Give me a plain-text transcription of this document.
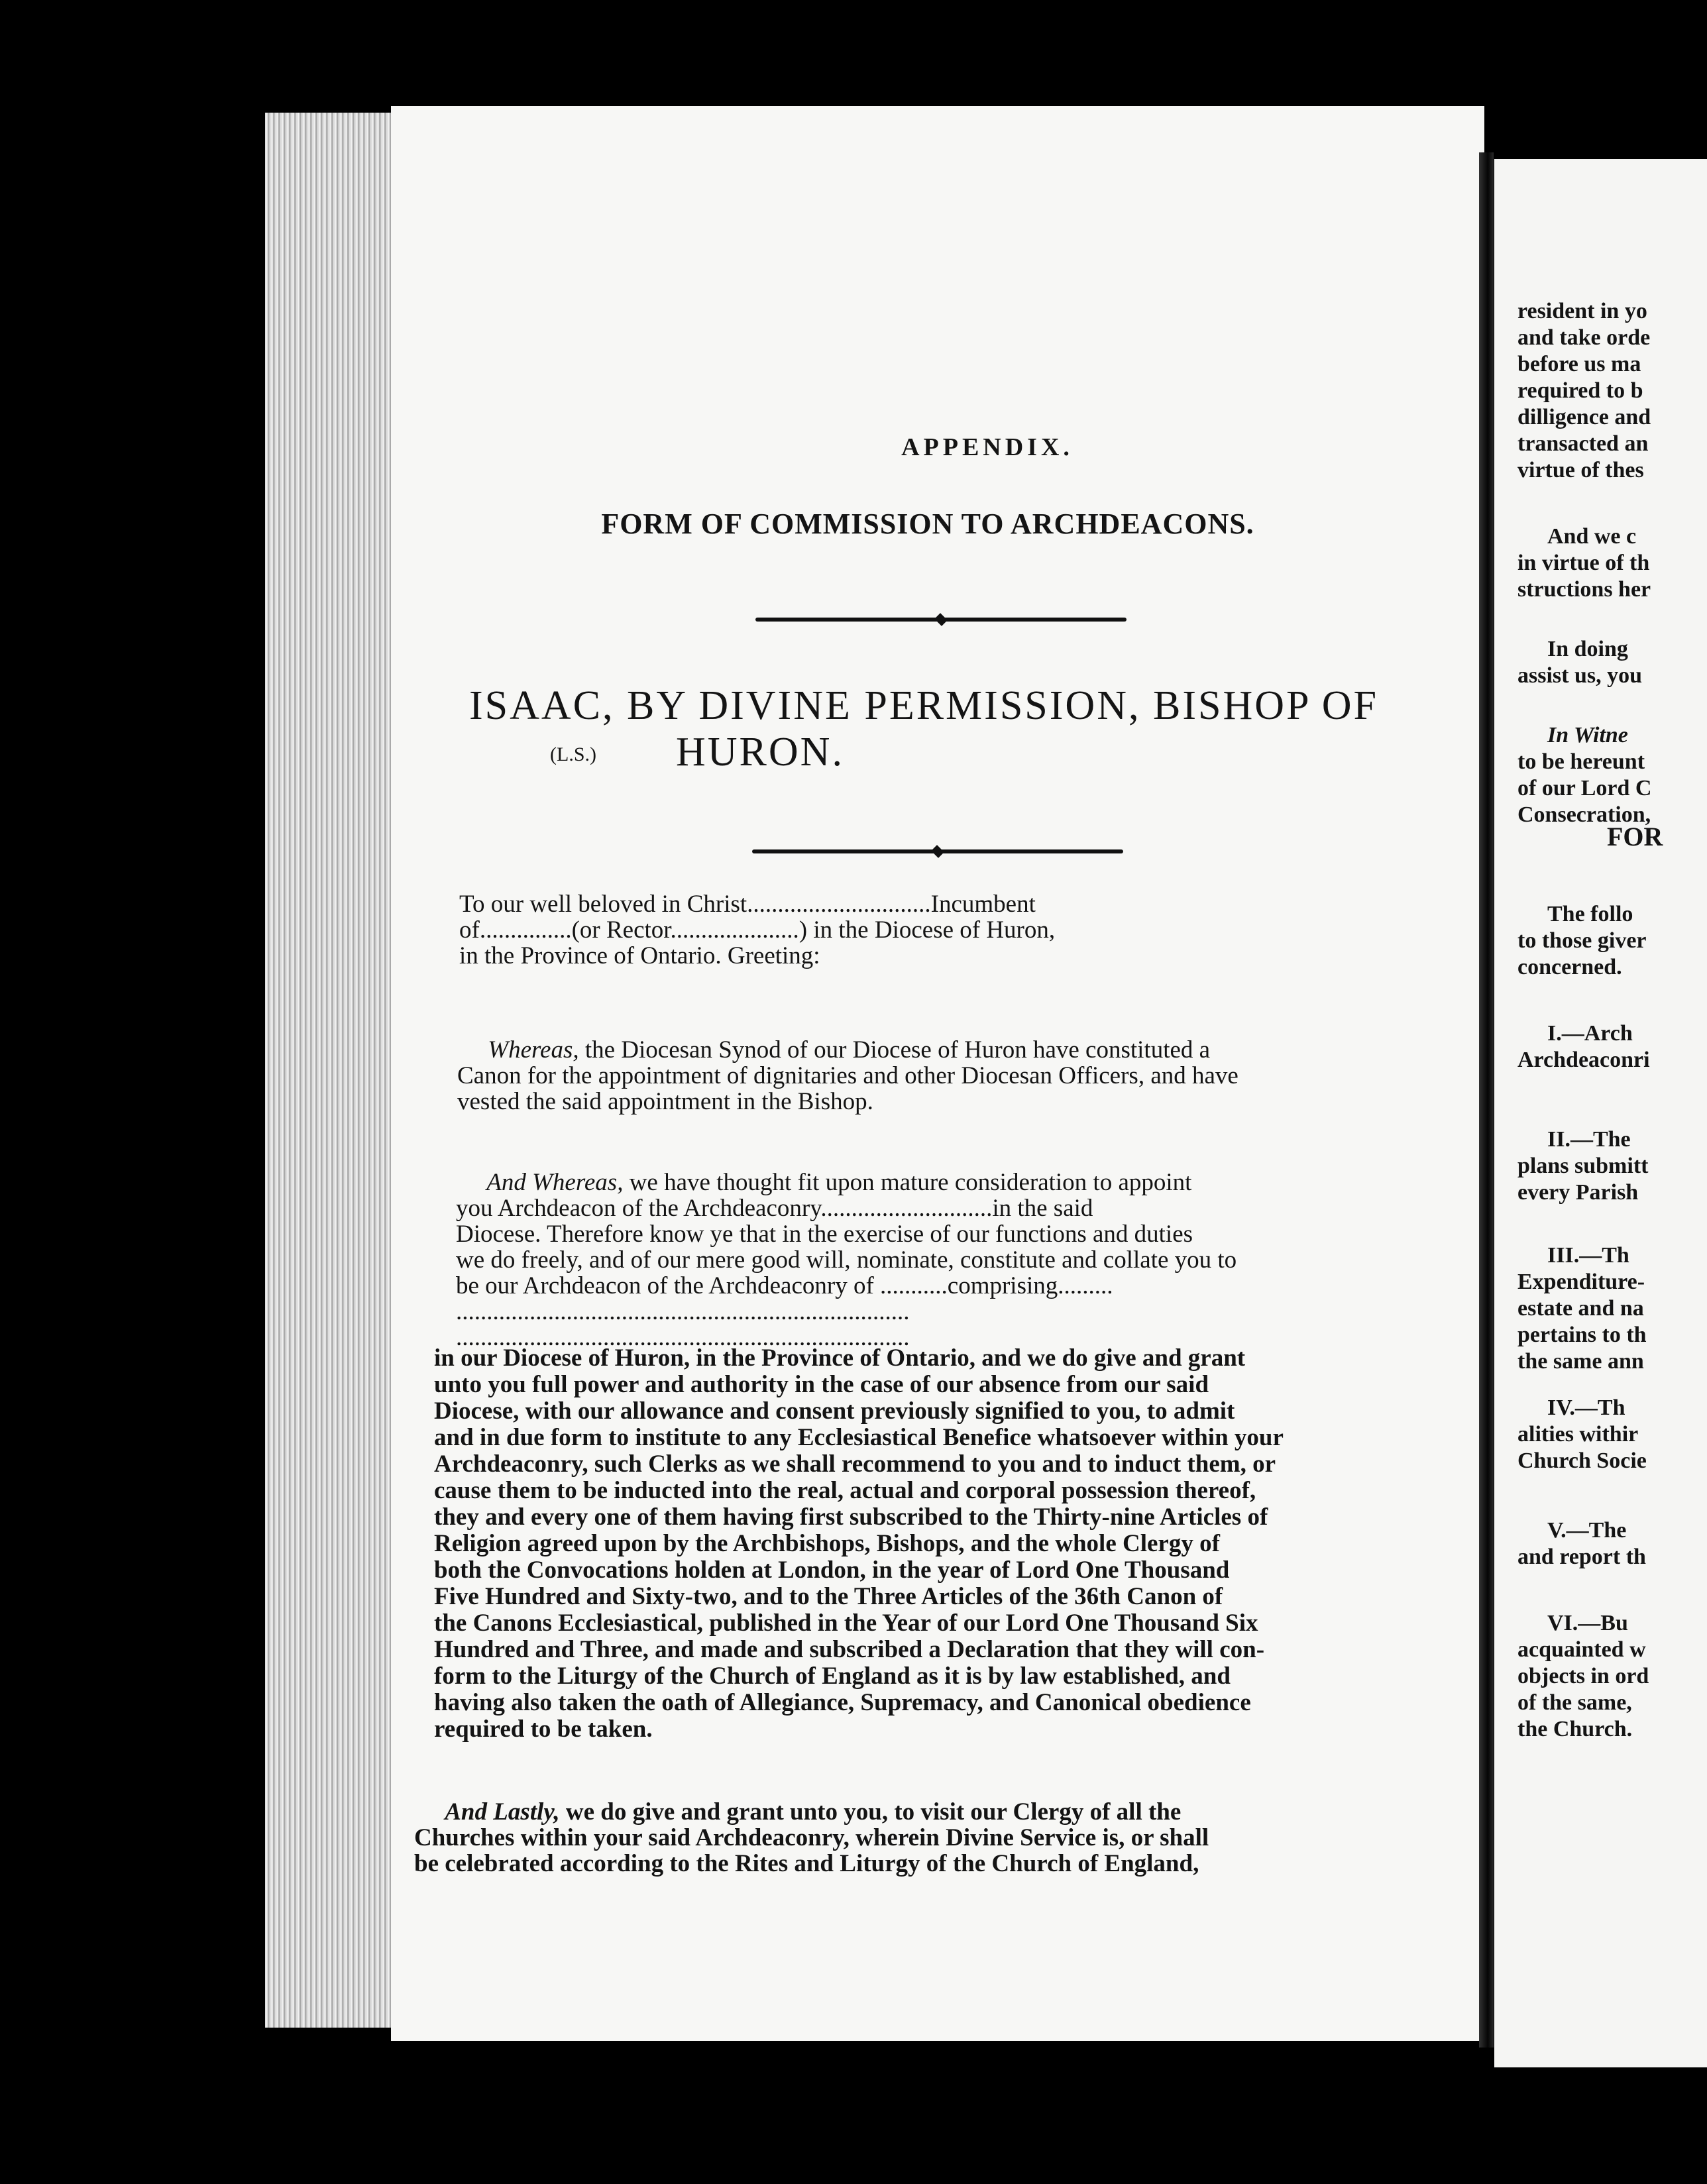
APPENDIX.
FORM OF COMMISSION TO ARCHDEACONS.
ISAAC, BY DIVINE PERMISSION, BISHOP OF
(L.S.) HURON.

To our well beloved in Christ..............................Incumbent

of...............(or Rector.....................) in the Diocese of Huron,

in the Province of Ontario. Greeting:

Whereas, the Diocesan Synod of our Diocese of Huron have constituted a

Canon for the appointment of dignitaries and other Diocesan Officers, and have

vested the said appointment in the Bishop.

And Whereas, we have thought fit upon mature consideration to appoint

you Archdeacon of the Archdeaconry............................in the said

Diocese. Therefore know ye that in the exercise of our functions and duties

we do freely, and of our mere good will, nominate, constitute and collate you to

be our Archdeacon of the Archdeaconry of ...........comprising.........

..........................................................................

..........................................................................

in our Diocese of Huron, in the Province of Ontario, and we do give and grant

unto you full power and authority in the case of our absence from our said

Diocese, with our allowance and consent previously signified to you, to admit

and in due form to institute to any Ecclesiastical Benefice whatsoever within your

Archdeaconry, such Clerks as we shall recommend to you and to induct them, or

cause them to be inducted into the real, actual and corporal possession thereof,

they and every one of them having first subscribed to the Thirty-nine Articles of

Religion agreed upon by the Archbishops, Bishops, and the whole Clergy of

both the Convocations holden at London, in the year of Lord One Thousand

Five Hundred and Sixty-two, and to the Three Articles of the 36th Canon of

the Canons Ecclesiastical, published in the Year of our Lord One Thousand Six

Hundred and Three, and made and subscribed a Declaration that they will con-

form to the Liturgy of the Church of England as it is by law established, and

having also taken the oath of Allegiance, Supremacy, and Canonical obedience

required to be taken.

And Lastly, we do give and grant unto you, to visit our Clergy of all the

Churches within your said Archdeaconry, wherein Divine Service is, or shall

be celebrated according to the Rites and Liturgy of the Church of England,

resident in yo

and take orde

before us ma

required to b

dilligence and

transacted an

virtue of thes

And we c

in virtue of th

structions her

In doing

assist us, you

In Witne

to be hereunt

of our Lord C

Consecration,

FOR

The follo

to those giver

concerned.

I.—Arch

Archdeaconri

II.—The

plans submitt

every Parish

III.—Th

Expenditure-

estate and na

pertains to th

the same ann

IV.—Th

alities withir

Church Socie

V.—The

and report th

VI.—Bu

acquainted w

objects in ord

of the same,

the Church.
